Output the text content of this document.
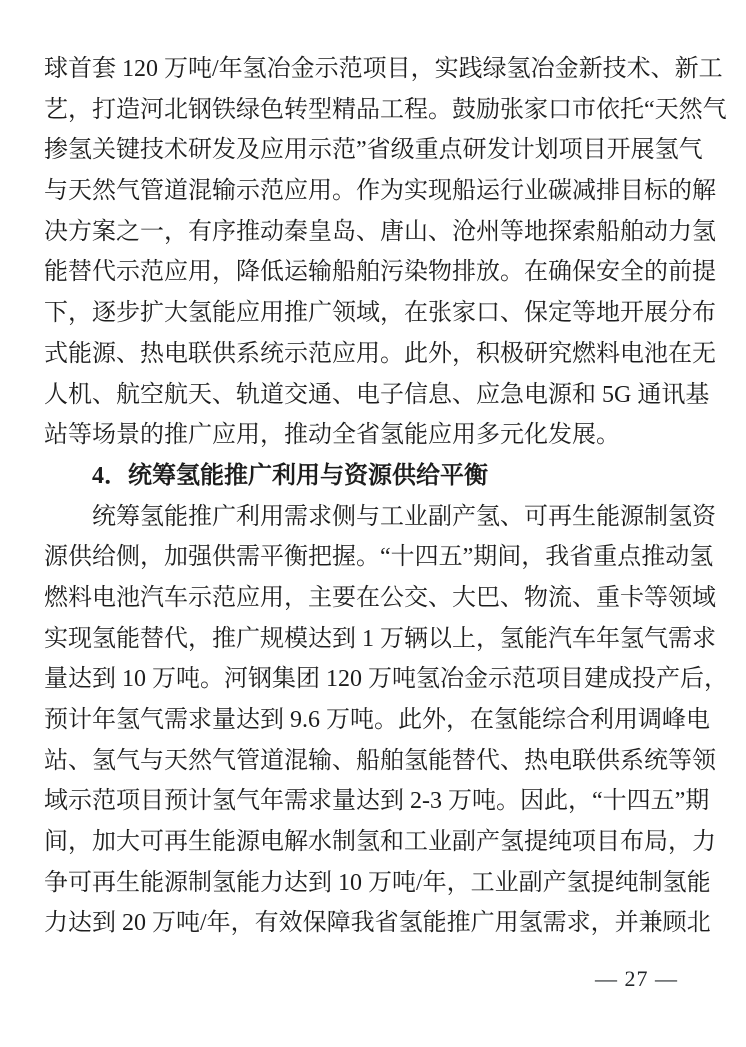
球首套 120 万吨/年氢冶金示范项目，实践绿氢冶金新技术、新工
艺，打造河北钢铁绿色转型精品工程。鼓励张家口市依托“天然气
掺氢关键技术研发及应用示范”省级重点研发计划项目开展氢气
与天然气管道混输示范应用。作为实现船运行业碳减排目标的解
决方案之一，有序推动秦皇岛、唐山、沧州等地探索船舶动力氢
能替代示范应用，降低运输船舶污染物排放。在确保安全的前提
下，逐步扩大氢能应用推广领域，在张家口、保定等地开展分布
式能源、热电联供系统示范应用。此外，积极研究燃料电池在无
人机、航空航天、轨道交通、电子信息、应急电源和 5G 通讯基
站等场景的推广应用，推动全省氢能应用多元化发展。
4．统筹氢能推广利用与资源供给平衡
统筹氢能推广利用需求侧与工业副产氢、可再生能源制氢资
源供给侧，加强供需平衡把握。“十四五”期间，我省重点推动氢
燃料电池汽车示范应用，主要在公交、大巴、物流、重卡等领域
实现氢能替代，推广规模达到 1 万辆以上，氢能汽车年氢气需求
量达到 10 万吨。河钢集团 120 万吨氢冶金示范项目建成投产后，
预计年氢气需求量达到 9.6 万吨。此外，在氢能综合利用调峰电
站、氢气与天然气管道混输、船舶氢能替代、热电联供系统等领
域示范项目预计氢气年需求量达到 2-3 万吨。因此，“十四五”期
间，加大可再生能源电解水制氢和工业副产氢提纯项目布局，力
争可再生能源制氢能力达到 10 万吨/年，工业副产氢提纯制氢能
力达到 20 万吨/年，有效保障我省氢能推广用氢需求，并兼顾北
— 27 —
